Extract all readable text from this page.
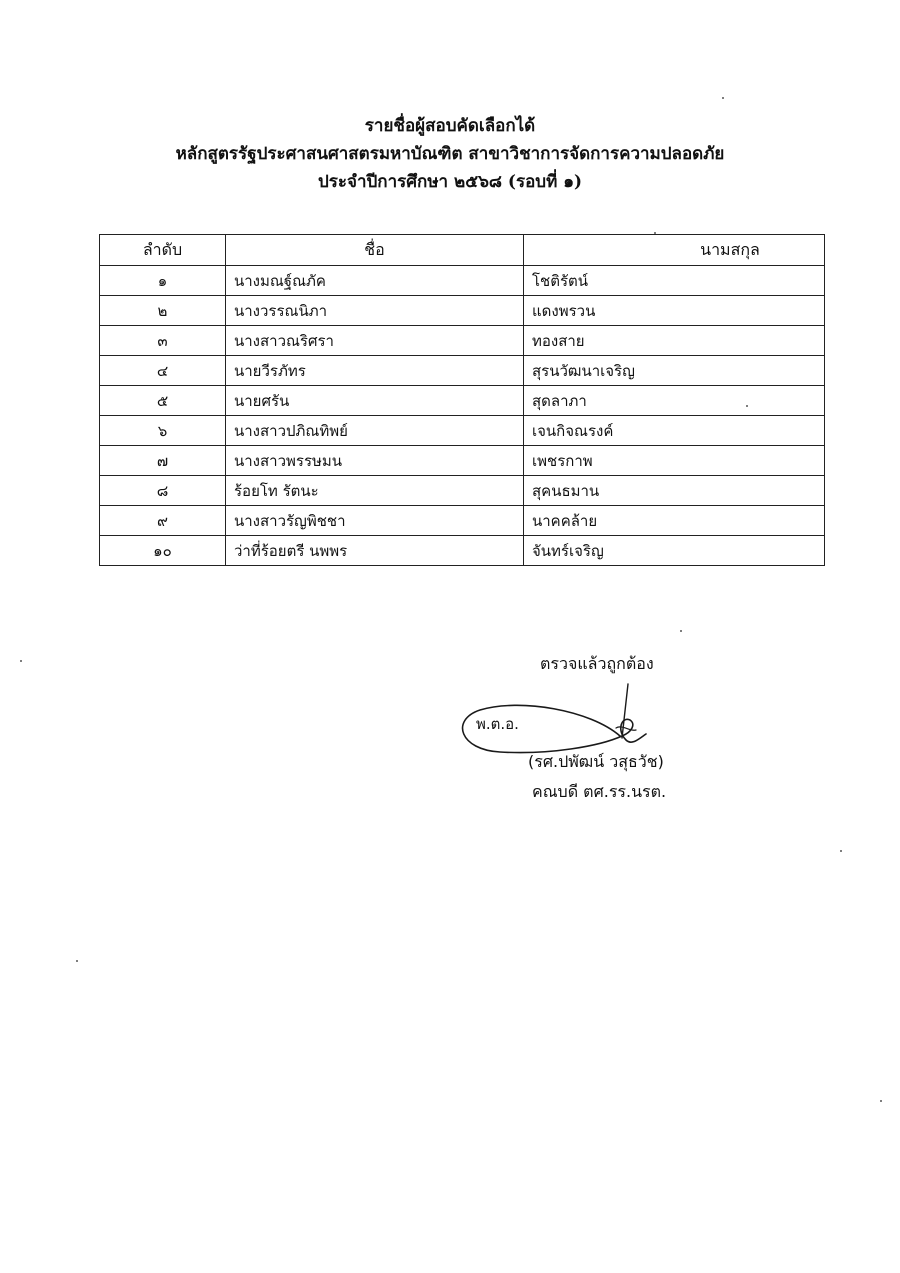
รายชื่อผู้สอบคัดเลือกได้
หลักสูตรรัฐประศาสนศาสตรมหาบัณฑิต สาขาวิชาการจัดการความปลอดภัย
ประจำปีการศึกษา ๒๕๖๘ (รอบที่ ๑)
ลำดับ	ชื่อ	นามสกุล
๑	นางมณฐ์ณภัค	โชติรัตน์
๒	นางวรรณนิภา	แดงพรวน
๓	นางสาวณริศรา	ทองสาย
๔	นายวีรภัทร	สุรนวัฒนาเจริญ
๕	นายศรัน	สุดลาภา
๖	นางสาวปภิณทิพย์	เจนกิจณรงค์
๗	นางสาวพรรษมน	เพชรกาพ
๘	ร้อยโท รัตนะ	สุคนธมาน
๙	นางสาวรัญพิชชา	นาคคล้าย
๑๐	ว่าที่ร้อยตรี นพพร	จันทร์เจริญ
ตรวจแล้วถูกต้อง
พ.ต.อ.
(รศ.ปพัฒน์ วสุธวัช)
คณบดี ตศ.รร.นรต.
